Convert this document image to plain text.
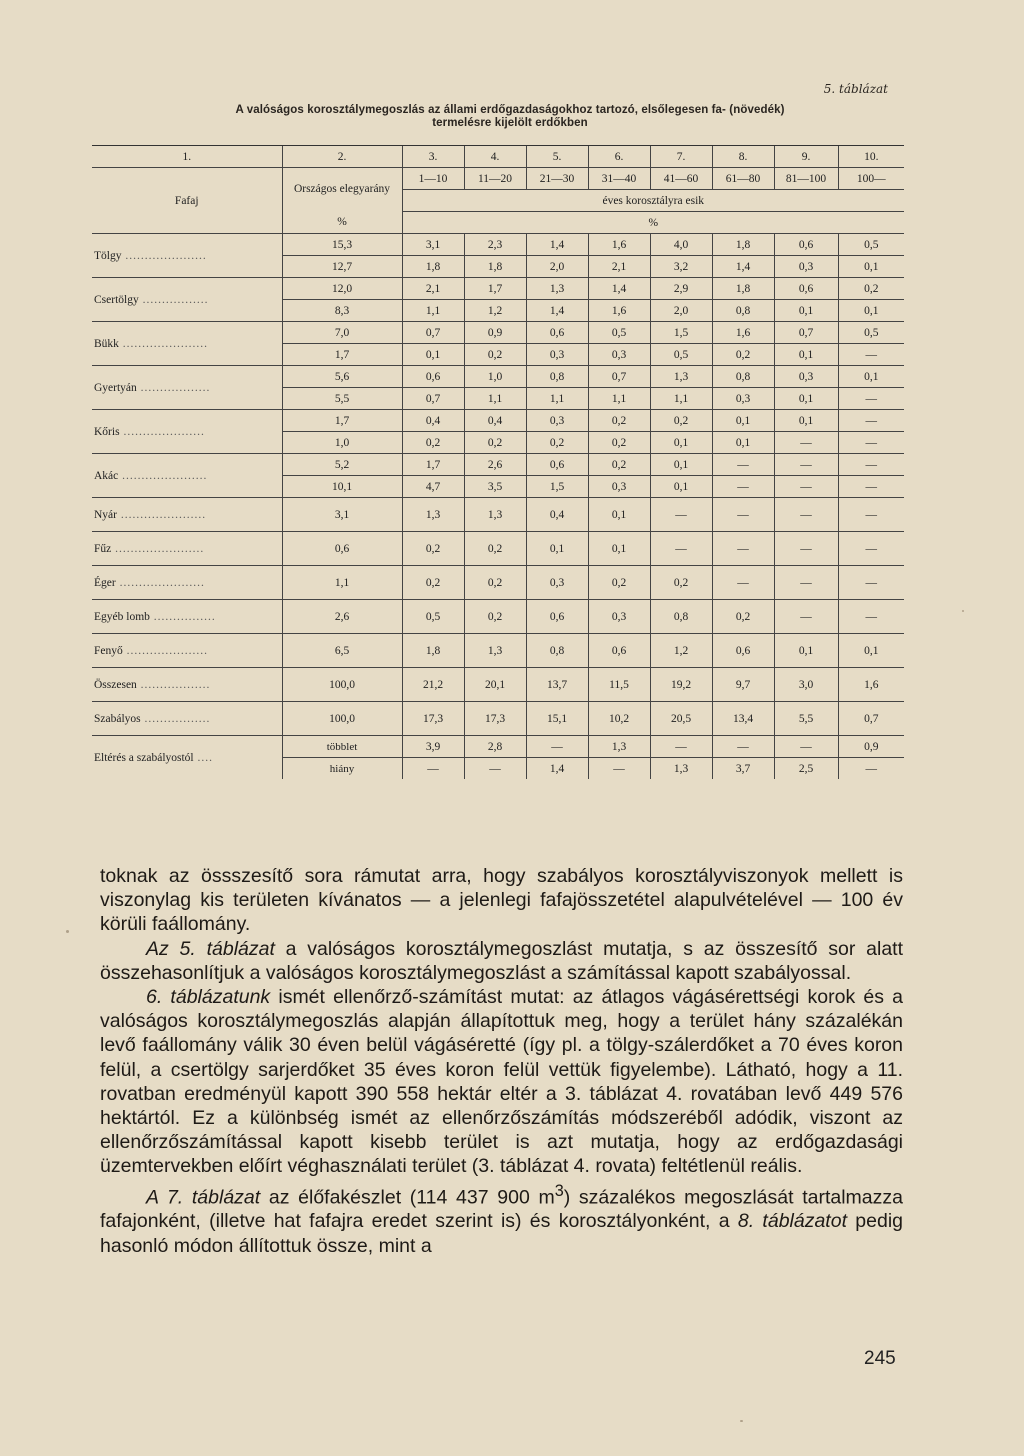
5. táblázat
A valóságos korosztálymegoszlás az állami erdőgazdaságokhoz tartozó, elsőlegesen fa- (növedék)
termelésre kijelölt erdőkben
1.	2.	3.	4.	5.	6.	7.	8.	9.	10.
Fafaj	Országos elegyarány	1—10	11—20	21—30	31—40	41—60	61—80	81—100	100—
		éves korosztályra esik							
	%	%							
Tölgy .....................	15,3	3,1	2,3	1,4	1,6	4,0	1,8	0,6	0,5
	12,7	1,8	1,8	2,0	2,1	3,2	1,4	0,3	0,1
Csertölgy .................	12,0	2,1	1,7	1,3	1,4	2,9	1,8	0,6	0,2
	8,3	1,1	1,2	1,4	1,6	2,0	0,8	0,1	0,1
Bükk ......................	7,0	0,7	0,9	0,6	0,5	1,5	1,6	0,7	0,5
	1,7	0,1	0,2	0,3	0,3	0,5	0,2	0,1	—
Gyertyán ..................	5,6	0,6	1,0	0,8	0,7	1,3	0,8	0,3	0,1
	5,5	0,7	1,1	1,1	1,1	1,1	0,3	0,1	—
Kőris .....................	1,7	0,4	0,4	0,3	0,2	0,2	0,1	0,1	—
	1,0	0,2	0,2	0,2	0,2	0,1	0,1	—	—
Akác ......................	5,2	1,7	2,6	0,6	0,2	0,1	—	—	—
	10,1	4,7	3,5	1,5	0,3	0,1	—	—	—
Nyár ......................	3,1	1,3	1,3	0,4	0,1	—	—	—	—
Fűz .......................	0,6	0,2	0,2	0,1	0,1	—	—	—	—
Éger ......................	1,1	0,2	0,2	0,3	0,2	0,2	—	—	—
Egyéb lomb ................	2,6	0,5	0,2	0,6	0,3	0,8	0,2	—	—
Fenyő .....................	6,5	1,8	1,3	0,8	0,6	1,2	0,6	0,1	0,1
Összesen ..................	100,0	21,2	20,1	13,7	11,5	19,2	9,7	3,0	1,6
Szabályos .................	100,0	17,3	17,3	15,1	10,2	20,5	13,4	5,5	0,7
Eltérés a szabályostól ....	többlet	3,9	2,8	—	1,3	—	—	—	0,9
	hiány	—	—	1,4	—	1,3	3,7	2,5	—

toknak az össszesítő sora rámutat arra, hogy szabályos korosztályviszonyok mellett is viszonylag kis területen kívánatos — a jelenlegi fafajösszetétel alapulvételével — 100 év körüli faállomány.

Az 5. táblázat a valóságos korosztálymegoszlást mutatja, s az összesítő sor alatt összehasonlítjuk a valóságos korosztálymegoszlást a számítással kapott szabályossal.

6. táblázatunk ismét ellenőrző-számítást mutat: az átlagos vágásérettségi korok és a valóságos korosztálymegoszlás alapján állapítottuk meg, hogy a terület hány százalékán levő faállomány válik 30 éven belül vágáséretté (így pl. a tölgy-szálerdőket a 70 éves koron felül, a csertölgy sarjerdőket 35 éves koron felül vettük figyelembe). Látható, hogy a 11. rovatban eredményül kapott 390 558 hektár eltér a 3. táblázat 4. rovatában levő 449 576 hektártól. Ez a különbség ismét az ellenőrzőszámítás módszeréből adódik, viszont az ellenőrzőszámítással kapott kisebb terület is azt mutatja, hogy az erdőgazdasági üzemtervekben előírt véghasználati terület (3. táblázat 4. rovata) feltétlenül reális.

A 7. táblázat az élőfakészlet (114 437 900 $m^3$) százalékos megoszlását tartalmazza fafajonként, (illetve hat fafajra eredet szerint is) és korosztályonként, a 8. táblázatot pedig hasonló módon állítottuk össze, mint a

245
